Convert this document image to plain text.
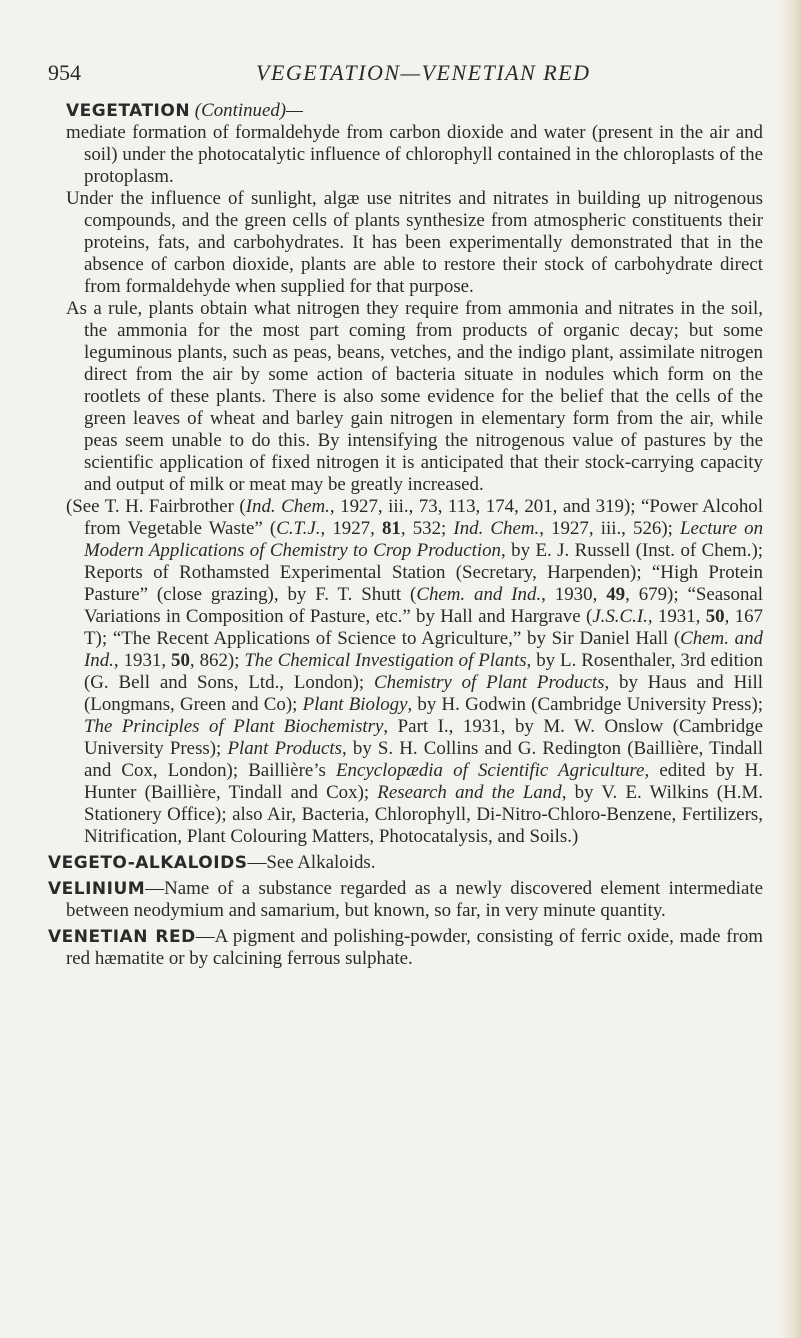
954	VEGETATION—VENETIAN RED

VEGETATION (Continued)—

mediate formation of formaldehyde from carbon dioxide and water (present in the air and soil) under the photocatalytic influence of chlorophyll contained in the chloroplasts of the protoplasm.

Under the influence of sunlight, algæ use nitrites and nitrates in building up nitrogenous compounds, and the green cells of plants synthesize from atmospheric constituents their proteins, fats, and carbohydrates. It has been experimentally demonstrated that in the absence of carbon dioxide, plants are able to restore their stock of carbohydrate direct from formaldehyde when supplied for that purpose.

As a rule, plants obtain what nitrogen they require from ammonia and nitrates in the soil, the ammonia for the most part coming from products of organic decay; but some leguminous plants, such as peas, beans, vetches, and the indigo plant, assimilate nitrogen direct from the air by some action of bacteria situate in nodules which form on the rootlets of these plants. There is also some evidence for the belief that the cells of the green leaves of wheat and barley gain nitrogen in elementary form from the air, while peas seem unable to do this. By intensifying the nitrogenous value of pastures by the scientific application of fixed nitrogen it is anticipated that their stock-carrying capacity and output of milk or meat may be greatly increased.

(See T. H. Fairbrother (Ind. Chem., 1927, iii., 73, 113, 174, 201, and 319); “Power Alcohol from Vegetable Waste” (C.T.J., 1927, 81, 532; Ind. Chem., 1927, iii., 526); Lecture on Modern Applications of Chemistry to Crop Production, by E. J. Russell (Inst. of Chem.); Reports of Rothamsted Experimental Station (Secretary, Harpenden); “High Protein Pasture” (close grazing), by F. T. Shutt (Chem. and Ind., 1930, 49, 679); “Seasonal Variations in Composition of Pasture, etc.” by Hall and Hargrave (J.S.C.I., 1931, 50, 167 T); “The Recent Applications of Science to Agriculture,” by Sir Daniel Hall (Chem. and Ind., 1931, 50, 862); The Chemical Investigation of Plants, by L. Rosenthaler, 3rd edition (G. Bell and Sons, Ltd., London); Chemistry of Plant Products, by Haus and Hill (Longmans, Green and Co); Plant Biology, by H. Godwin (Cambridge University Press); The Principles of Plant Biochemistry, Part I., 1931, by M. W. Onslow (Cambridge University Press); Plant Products, by S. H. Collins and G. Redington (Baillière, Tindall and Cox, London); Baillière’s Encyclopædia of Scientific Agriculture, edited by H. Hunter (Baillière, Tindall and Cox); Research and the Land, by V. E. Wilkins (H.M. Stationery Office); also Air, Bacteria, Chlorophyll, Di-Nitro-Chloro-Benzene, Fertilizers, Nitrification, Plant Colouring Matters, Photocatalysis, and Soils.)

VEGETO-ALKALOIDS—See Alkaloids.

VELINIUM—Name of a substance regarded as a newly discovered element intermediate between neodymium and samarium, but known, so far, in very minute quantity.

VENETIAN RED—A pigment and polishing-powder, consisting of ferric oxide, made from red hæmatite or by calcining ferrous sulphate.
